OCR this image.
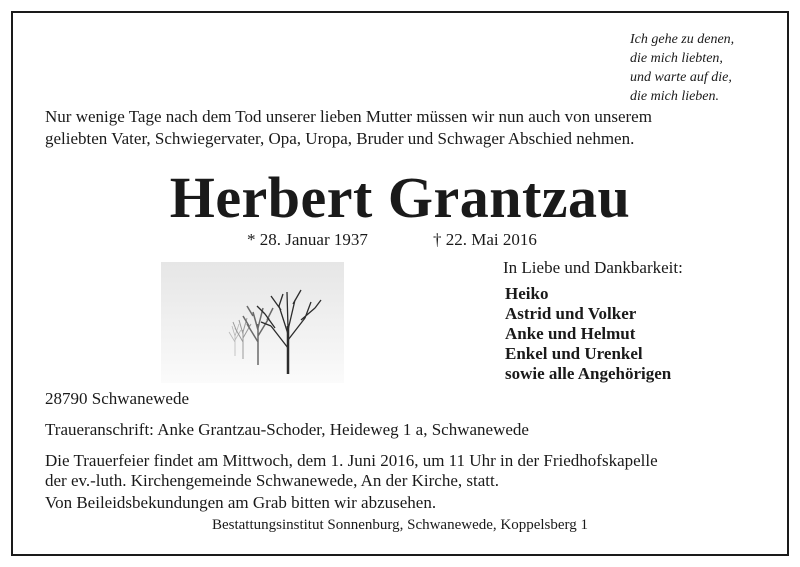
Ich gehe zu denen,
die mich liebten,
und warte auf die,
die mich lieben.
Nur wenige Tage nach dem Tod unserer lieben Mutter müssen wir nun auch von unserem
geliebten Vater, Schwiegervater, Opa, Uropa, Bruder und Schwager Abschied nehmen.
Herbert Grantzau
* 28. Januar 1937	† 22. Mai 2016
In Liebe und Dankbarkeit:
Heiko
Astrid und Volker
Anke und Helmut
Enkel und Urenkel
sowie alle Angehörigen
28790 Schwanewede
Traueranschrift: Anke Grantzau-Schoder, Heideweg 1 a, Schwanewede
Die Trauerfeier findet am Mittwoch, dem 1. Juni 2016, um 11 Uhr in der Friedhofskapelle
der ev.-luth. Kirchengemeinde Schwanewede, An der Kirche, statt.
Von Beileidsbekundungen am Grab bitten wir abzusehen.
Bestattungsinstitut Sonnenburg, Schwanewede, Koppelsberg 1
